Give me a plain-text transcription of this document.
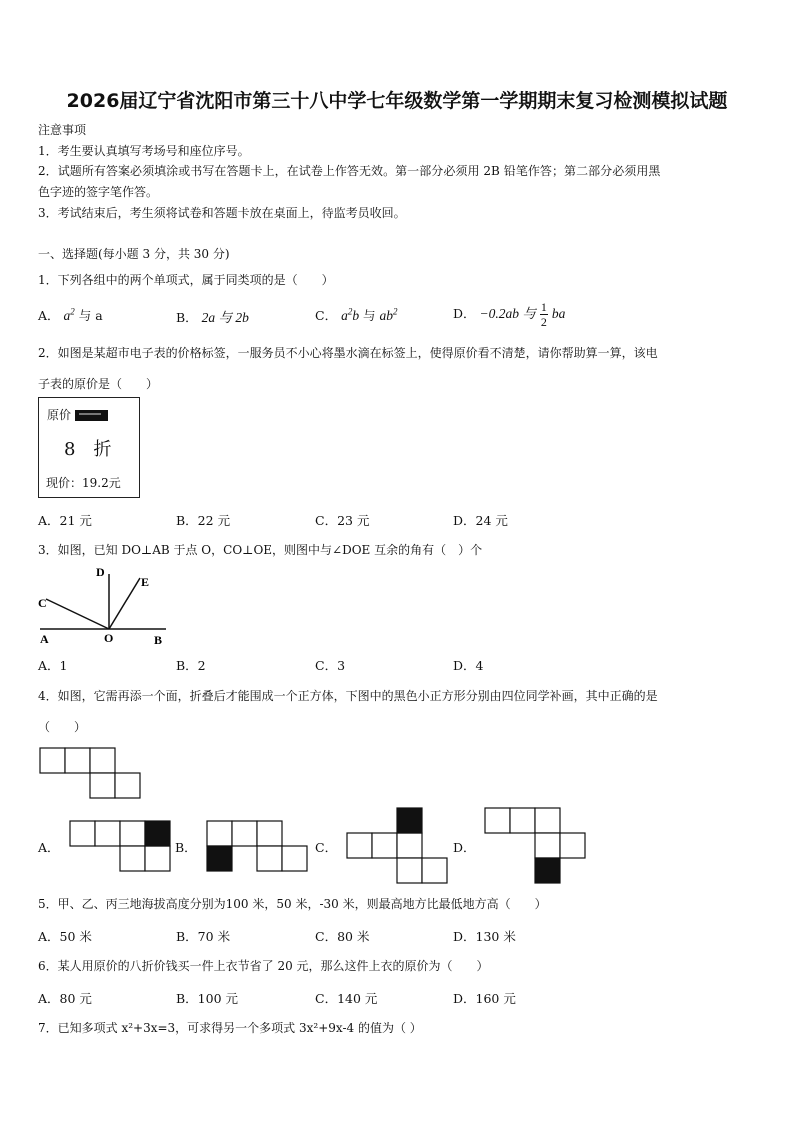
2026届辽宁省沈阳市第三十八中学七年级数学第一学期期末复习检测模拟试题
注意事项
1．考生要认真填写考场号和座位序号。
2．试题所有答案必须填涂或书写在答题卡上，在试卷上作答无效。第一部分必须用 2B 铅笔作答；第二部分必须用黑
色字迹的签字笔作答。
3．考试结束后，考生须将试卷和答题卡放在桌面上，待监考员收回。
一、选择题(每小题 3 分，共 30 分)
1．下列各组中的两个单项式，属于同类项的是（　　）
A． $a^2$ 与 a	B． 2a 与 2b	C． $a^2b$ 与 $ab^2$	D． −0.2ab 与 $\frac{1}{2}$ ba
2．如图是某超市电子表的价格标签，一服务员不小心将墨水滴在标签上，使得原价看不清楚，请你帮助算一算，该电
子表的原价是（　　）
原价
8　折
现价：19.2元
A．21 元	B．22 元	C．23 元	D．24 元
3．如图，已知 DO⊥AB 于点 O，CO⊥OE，则图中与∠DOE 互余的角有（　）个
D
E
C
A	O	B
A．1	B．2	C．3	D．4
4．如图，它需再添一个面，折叠后才能围成一个正方体，下图中的黑色小正方形分别由四位同学补画，其中正确的是
（　　）
A．	B．	C．	D．
5．甲、乙、丙三地海拔高度分别为100 米，50 米，-30 米，则最高地方比最低地方高（　　）
A．50 米	B．70 米	C．80 米	D．130 米
6．某人用原价的八折价钱买一件上衣节省了 20 元，那么这件上衣的原价为（　　）
A．80 元	B．100 元	C．140 元	D．160 元
7．已知多项式 x²+3x=3，可求得另一个多项式 3x²+9x-4 的值为（ ）
